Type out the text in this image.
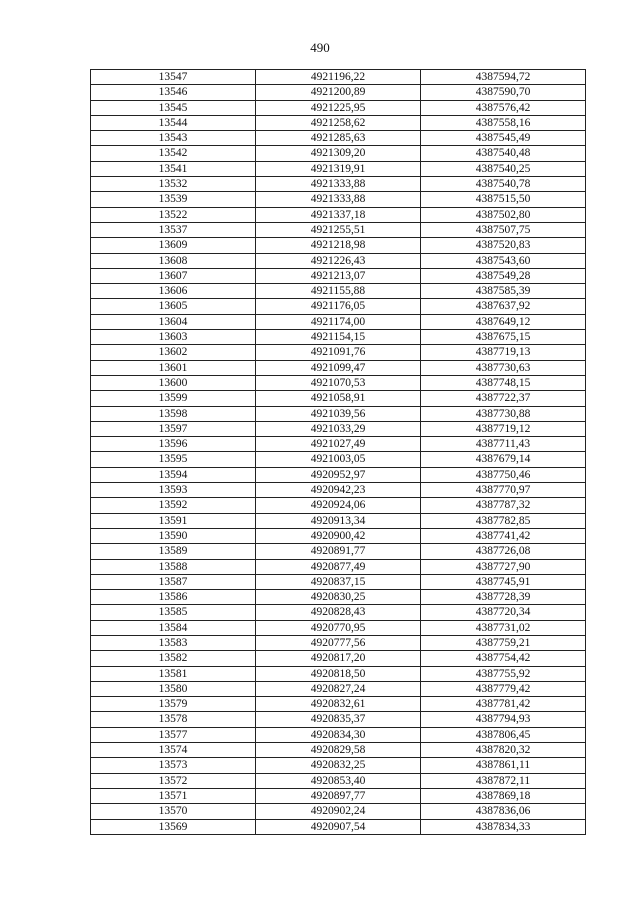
490
13547	4921196,22	4387594,72
13546	4921200,89	4387590,70
13545	4921225,95	4387576,42
13544	4921258,62	4387558,16
13543	4921285,63	4387545,49
13542	4921309,20	4387540,48
13541	4921319,91	4387540,25
13532	4921333,88	4387540,78
13539	4921333,88	4387515,50
13522	4921337,18	4387502,80
13537	4921255,51	4387507,75
13609	4921218,98	4387520,83
13608	4921226,43	4387543,60
13607	4921213,07	4387549,28
13606	4921155,88	4387585,39
13605	4921176,05	4387637,92
13604	4921174,00	4387649,12
13603	4921154,15	4387675,15
13602	4921091,76	4387719,13
13601	4921099,47	4387730,63
13600	4921070,53	4387748,15
13599	4921058,91	4387722,37
13598	4921039,56	4387730,88
13597	4921033,29	4387719,12
13596	4921027,49	4387711,43
13595	4921003,05	4387679,14
13594	4920952,97	4387750,46
13593	4920942,23	4387770,97
13592	4920924,06	4387787,32
13591	4920913,34	4387782,85
13590	4920900,42	4387741,42
13589	4920891,77	4387726,08
13588	4920877,49	4387727,90
13587	4920837,15	4387745,91
13586	4920830,25	4387728,39
13585	4920828,43	4387720,34
13584	4920770,95	4387731,02
13583	4920777,56	4387759,21
13582	4920817,20	4387754,42
13581	4920818,50	4387755,92
13580	4920827,24	4387779,42
13579	4920832,61	4387781,42
13578	4920835,37	4387794,93
13577	4920834,30	4387806,45
13574	4920829,58	4387820,32
13573	4920832,25	4387861,11
13572	4920853,40	4387872,11
13571	4920897,77	4387869,18
13570	4920902,24	4387836,06
13569	4920907,54	4387834,33
